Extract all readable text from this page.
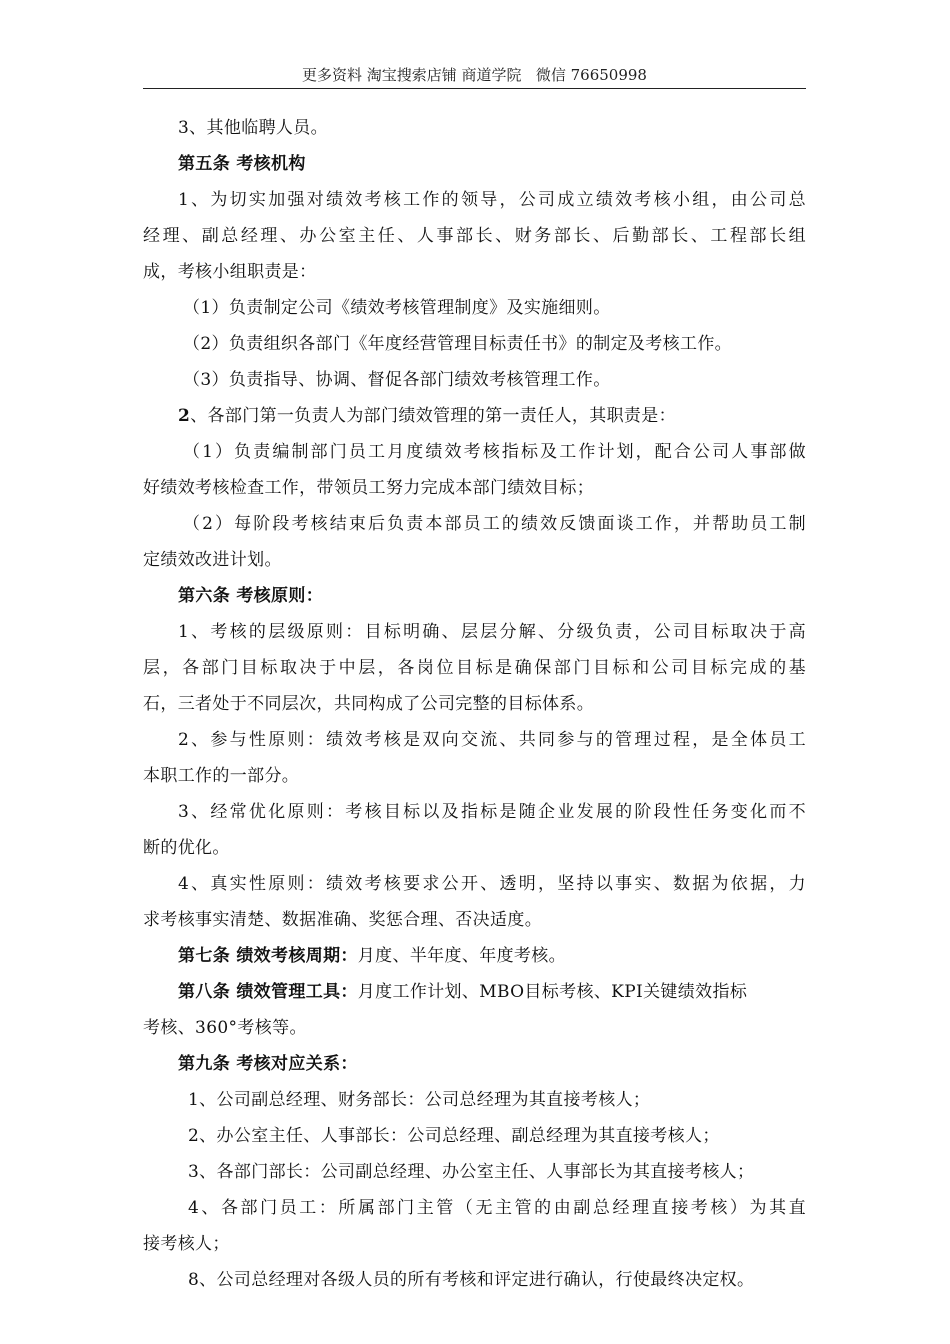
更多资料 淘宝搜索店铺 商道学院   微信 76650998
3、其他临聘人员。
第五条 考核机构
1、为切实加强对绩效考核工作的领导，公司成立绩效考核小组，由公司总
经理、副总经理、办公室主任、人事部长、财务部长、后勤部长、工程部长组
成，考核小组职责是：
（1）负责制定公司《绩效考核管理制度》及实施细则。
（2）负责组织各部门《年度经营管理目标责任书》的制定及考核工作。
（3）负责指导、协调、督促各部门绩效考核管理工作。
2、各部门第一负责人为部门绩效管理的第一责任人，其职责是：
（1）负责编制部门员工月度绩效考核指标及工作计划，配合公司人事部做
好绩效考核检查工作，带领员工努力完成本部门绩效目标；
（2）每阶段考核结束后负责本部员工的绩效反馈面谈工作，并帮助员工制
定绩效改进计划。
第六条 考核原则：
1、考核的层级原则：目标明确、层层分解、分级负责，公司目标取决于高
层，各部门目标取决于中层，各岗位目标是确保部门目标和公司目标完成的基
石，三者处于不同层次，共同构成了公司完整的目标体系。
2、参与性原则：绩效考核是双向交流、共同参与的管理过程，是全体员工
本职工作的一部分。
3、经常优化原则：考核目标以及指标是随企业发展的阶段性任务变化而不
断的优化。
4、真实性原则：绩效考核要求公开、透明，坚持以事实、数据为依据，力
求考核事实清楚、数据准确、奖惩合理、否决适度。
第七条 绩效考核周期：月度、半年度、年度考核。
第八条 绩效管理工具：月度工作计划、MBO目标考核、KPI关键绩效指标
考核、360°考核等。
第九条 考核对应关系：
1、公司副总经理、财务部长：公司总经理为其直接考核人；
2、办公室主任、人事部长：公司总经理、副总经理为其直接考核人；
3、各部门部长：公司副总经理、办公室主任、人事部长为其直接考核人；
4、各部门员工：所属部门主管（无主管的由副总经理直接考核）为其直
接考核人；
8、公司总经理对各级人员的所有考核和评定进行确认，行使最终决定权。
